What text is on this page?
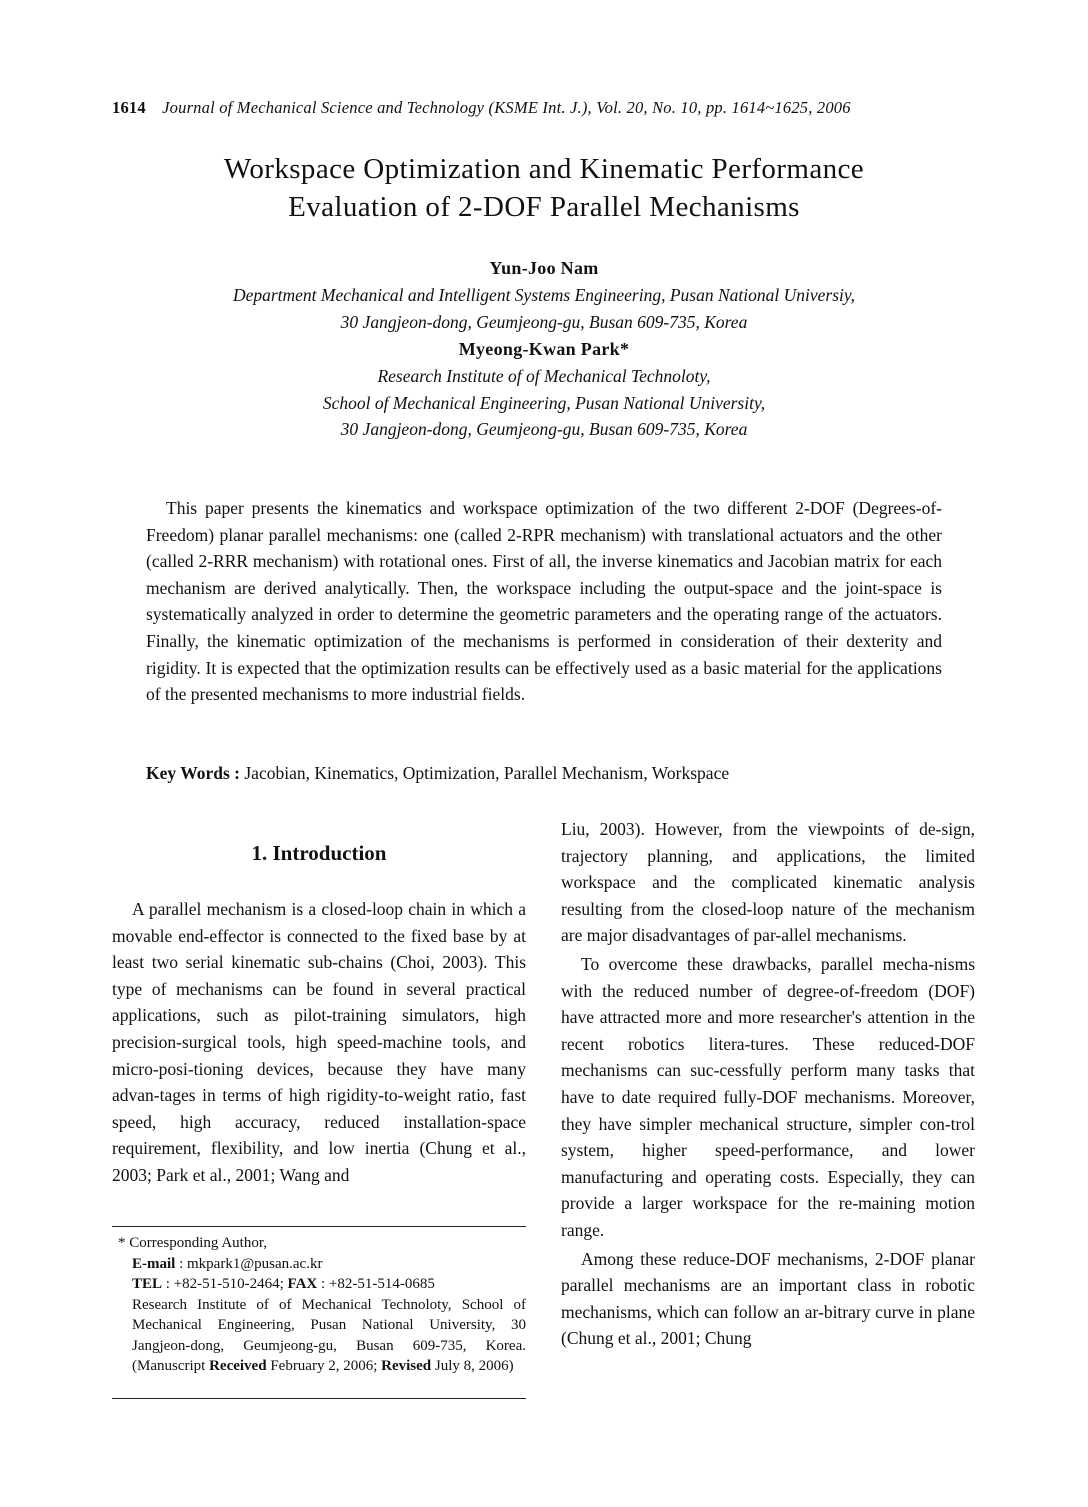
1614 Journal of Mechanical Science and Technology (KSME Int. J.), Vol. 20, No. 10, pp. 1614~1625, 2006
Workspace Optimization and Kinematic Performance
Evaluation of 2-DOF Parallel Mechanisms
Yun-Joo Nam
Department Mechanical and Intelligent Systems Engineering, Pusan National Universiy,
30 Jangjeon-dong, Geumjeong-gu, Busan 609-735, Korea
Myeong-Kwan Park*
Research Institute of of Mechanical Technoloty,
School of Mechanical Engineering, Pusan National University,
30 Jangjeon-dong, Geumjeong-gu, Busan 609-735, Korea

This paper presents the kinematics and workspace optimization of the two different 2-DOF (Degrees-of-Freedom) planar parallel mechanisms: one (called 2-RPR mechanism) with translational actuators and the other (called 2-RRR mechanism) with rotational ones. First of all, the inverse kinematics and Jacobian matrix for each mechanism are derived analytically. Then, the workspace including the output-space and the joint-space is systematically analyzed in order to determine the geometric parameters and the operating range of the actuators. Finally, the kinematic optimization of the mechanisms is performed in consideration of their dexterity and rigidity. It is expected that the optimization results can be effectively used as a basic material for the applications of the presented mechanisms to more industrial fields.

Key Words : Jacobian, Kinematics, Optimization, Parallel Mechanism, Workspace
1. Introduction

A parallel mechanism is a closed-loop chain in which a movable end-effector is connected to the fixed base by at least two serial kinematic sub-chains (Choi, 2003). This type of mechanisms can be found in several practical applications, such as pilot-training simulators, high precision-surgical tools, high speed-machine tools, and micro-posi-tioning devices, because they have many advan-tages in terms of high rigidity-to-weight ratio, fast speed, high accuracy, reduced installation-space requirement, flexibility, and low inertia (Chung et al., 2003; Park et al., 2001; Wang and

Liu, 2003). However, from the viewpoints of de-sign, trajectory planning, and applications, the limited workspace and the complicated kinematic analysis resulting from the closed-loop nature of the mechanism are major disadvantages of par-allel mechanisms.

To overcome these drawbacks, parallel mecha-nisms with the reduced number of degree-of-freedom (DOF) have attracted more and more researcher's attention in the recent robotics litera-tures. These reduced-DOF mechanisms can suc-cessfully perform many tasks that have to date required fully-DOF mechanisms. Moreover, they have simpler mechanical structure, simpler con-trol system, higher speed-performance, and lower manufacturing and operating costs. Especially, they can provide a larger workspace for the re-maining motion range.

Among these reduce-DOF mechanisms, 2-DOF planar parallel mechanisms are an important class in robotic mechanisms, which can follow an ar-bitrary curve in plane (Chung et al., 2001; Chung

* Corresponding Author,
E-mail : mkpark1@pusan.ac.kr
TEL : +82-51-510-2464; FAX : +82-51-514-0685
Research Institute of of Mechanical Technoloty, School of Mechanical Engineering, Pusan National University, 30 Jangjeon-dong, Geumjeong-gu, Busan 609-735, Korea. (Manuscript Received February 2, 2006; Revised July 8, 2006)
